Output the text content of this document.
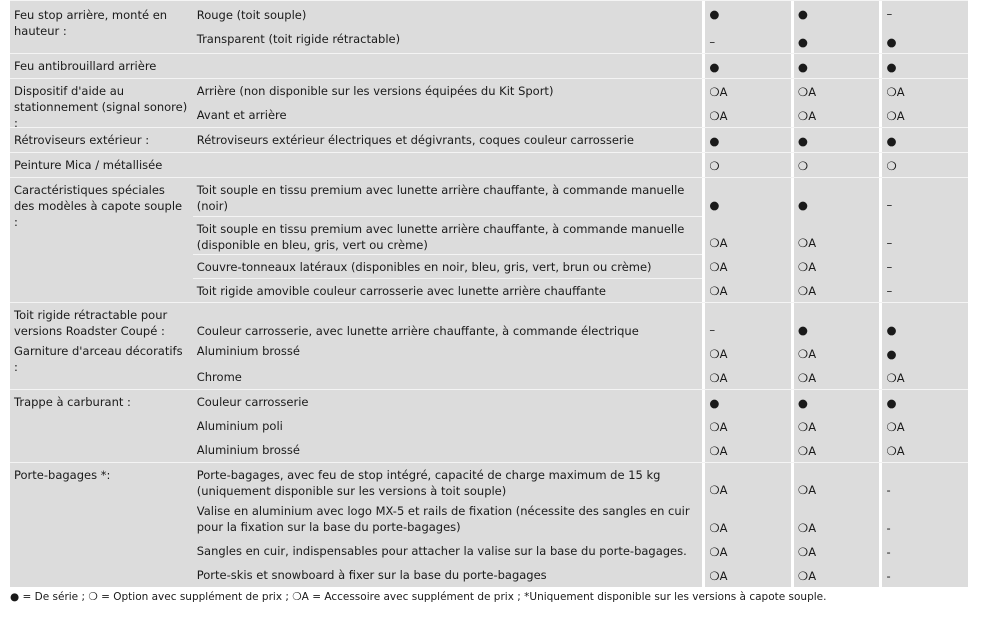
Feu stop arrière, monté en hauteur :
Rouge (toit souple)	●	●	–
Transparent (toit rigide rétractable)	–	●	●
Feu antibrouillard arrière	●	●	●
Dispositif d'aide au stationnement (signal sonore) :
Arrière (non disponible sur les versions équipées du Kit Sport)	❍A	❍A	❍A
Avant et arrière	❍A	❍A	❍A
Rétroviseurs extérieur :	Rétroviseurs extérieur électriques et dégivrants, coques couleur carrosserie	●	●	●
Peinture Mica / métallisée	❍	❍	❍
Caractéristiques spéciales des modèles à capote souple :
Toit souple en tissu premium avec lunette arrière chauffante, à commande manuelle (noir)	●	●	–
Toit souple en tissu premium avec lunette arrière chauffante, à commande manuelle (disponible en bleu, gris, vert ou crème)	❍A	❍A	–
Couvre-tonneaux latéraux (disponibles en noir, bleu, gris, vert, brun ou crème)	❍A	❍A	–
Toit rigide amovible couleur carrosserie avec lunette arrière chauffante	❍A	❍A	–
Toit rigide rétractable pour versions Roadster Coupé :	Couleur carrosserie, avec lunette arrière chauffante, à commande électrique	–	●	●
Garniture d'arceau décoratifs :
Aluminium brossé	❍A	❍A	●
Chrome	❍A	❍A	❍A
Trappe à carburant :	Couleur carrosserie	●	●	●
Aluminium poli	❍A	❍A	❍A
Aluminium brossé	❍A	❍A	❍A
Porte-bagages *:	Porte-bagages, avec feu de stop intégré, capacité de charge maximum de 15 kg (uniquement disponible sur les versions à toit souple)	❍A	❍A	-
Valise en aluminium avec logo MX-5 et rails de fixation (nécessite des sangles en cuir pour la fixation sur la base du porte-bagages)	❍A	❍A	-
Sangles en cuir, indispensables pour attacher la valise sur la base du porte-bagages.	❍A	❍A	-
Porte-skis et snowboard à fixer sur la base du porte-bagages	❍A	❍A	-
● = De série ; ❍ = Option avec supplément de prix ; ❍A = Accessoire avec supplément de prix ; *Uniquement disponible sur les versions à capote souple.
